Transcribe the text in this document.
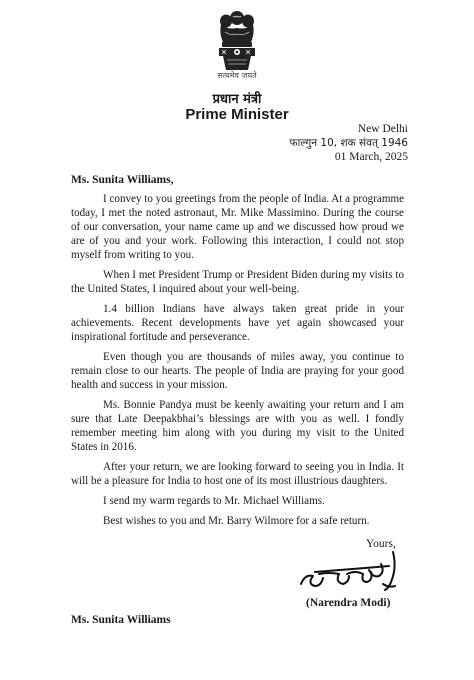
सत्यमेव जयते
प्रधान मंत्री
Prime Minister
New Delhi
फाल्गुन 10, शक संवत् 1946
01 March, 2025
Ms. Sunita Williams,

I convey to you greetings from the people of India. At a programme today, I met the noted astronaut, Mr. Mike Massimino. During the course of our conversation, your name came up and we discussed how proud we are of you and your work. Following this interaction, I could not stop myself from writing to you.

When I met President Trump or President Biden during my visits to the United States, I inquired about your well-being.

1.4 billion Indians have always taken great pride in your achievements. Recent developments have yet again showcased your inspirational fortitude and perseverance.

Even though you are thousands of miles away, you continue to remain close to our hearts. The people of India are praying for your good health and success in your mission.

Ms. Bonnie Pandya must be keenly awaiting your return and I am sure that Late Deepakbhai’s blessings are with you as well. I fondly remember meeting him along with you during my visit to the United States in 2016.

After your return, we are looking forward to seeing you in India. It will be a pleasure for India to host one of its most illustrious daughters.

I send my warm regards to Mr. Michael Williams.

Best wishes to you and Mr. Barry Wilmore for a safe return.

Yours,
(Narendra Modi)
Ms. Sunita Williams
